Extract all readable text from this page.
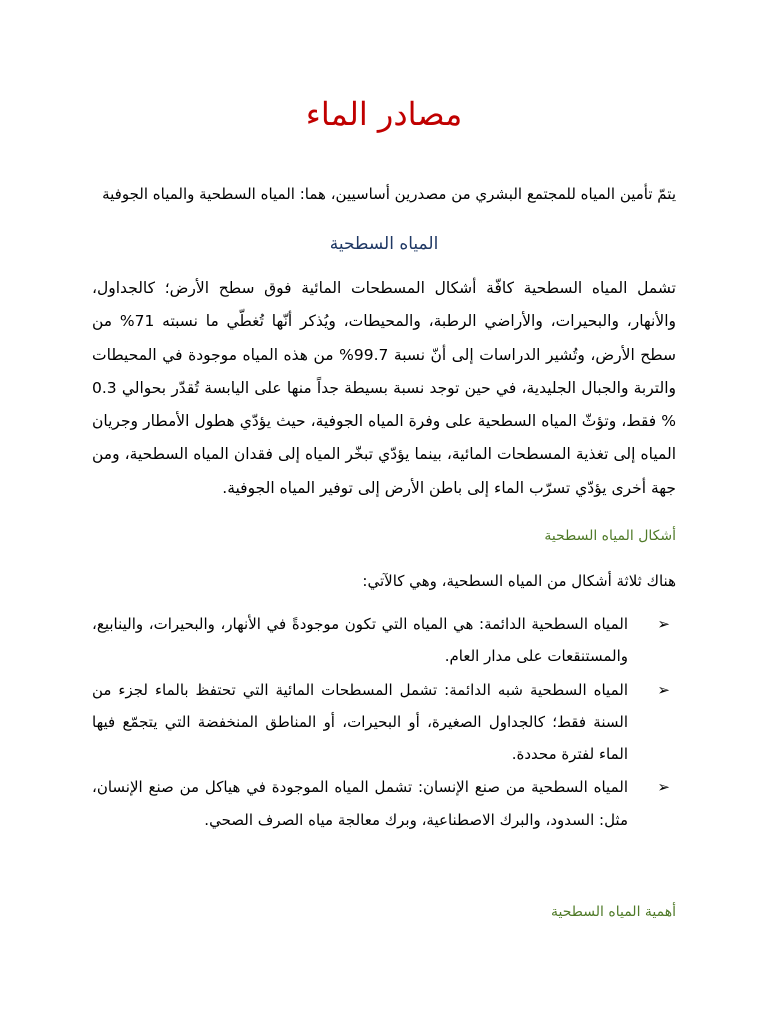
مصادر الماء
يتمّ تأمين المياه للمجتمع البشري من مصدرين أساسيين، هما: المياه السطحية والمياه الجوفية
المياه السطحية

تشمل المياه السطحية كافّة أشكال المسطحات المائية فوق سطح الأرض؛ كالجداول، والأنهار، والبحيرات، والأراضي الرطبة، والمحيطات، ويُذكر أنّها تُغطّي ما نسبته 71% من سطح الأرض، وتُشير الدراسات إلى أنّ نسبة 99.7% من هذه المياه موجودة في المحيطات والتربة والجبال الجليدية، في حين توجد نسبة بسيطة جداً منها على اليابسة تُقدّر بحوالي 0.3 % فقط، وتؤثّ المياه السطحية على وفرة المياه الجوفية، حيث يؤدّي هطول الأمطار وجريان المياه إلى تغذية المسطحات المائية، بينما يؤدّي تبخّر المياه إلى فقدان المياه السطحية، ومن جهة أخرى يؤدّي تسرّب الماء إلى باطن الأرض إلى توفير المياه الجوفية.

أشكال المياه السطحية
هناك ثلاثة أشكال من المياه السطحية، وهي كالآتي:
➢
المياه السطحية الدائمة: هي المياه التي تكون موجودةً في الأنهار، والبحيرات، والينابيع، والمستنقعات على مدار العام.
➢
المياه السطحية شبه الدائمة: تشمل المسطحات المائية التي تحتفظ بالماء لجزء من السنة فقط؛ كالجداول الصغيرة، أو البحيرات، أو المناطق المنخفضة التي يتجمّع فيها الماء لفترة محددة.
➢
المياه السطحية من صنع الإنسان: تشمل المياه الموجودة في هياكل من صنع الإنسان، مثل: السدود، والبرك الاصطناعية، وبرك معالجة مياه الصرف الصحي.
أهمية المياه السطحية
